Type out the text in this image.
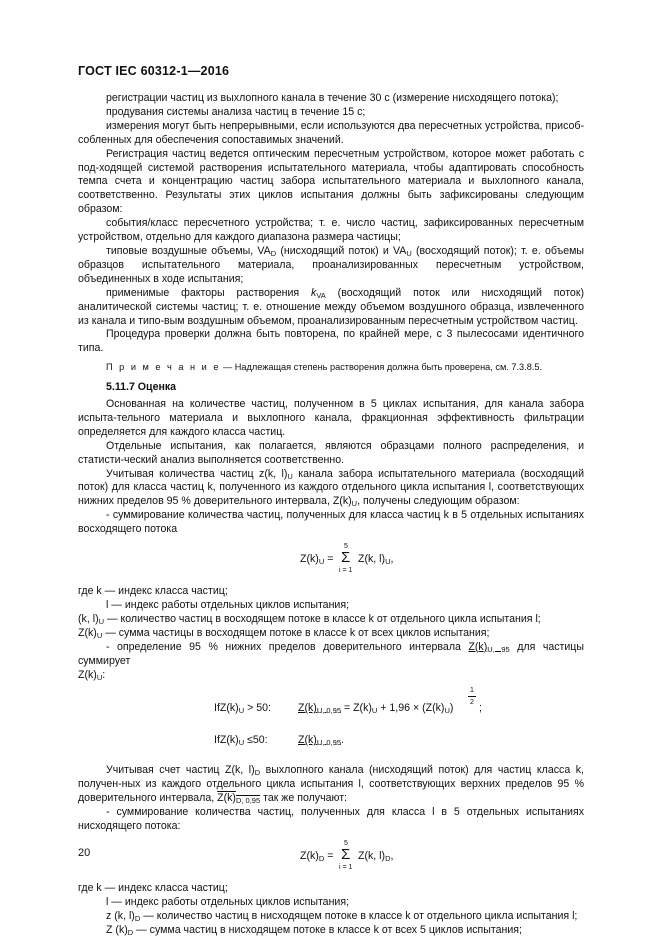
ГОСТ IEC 60312-1—2016

регистрации частиц из выхлопного канала в течение 30 с (измерение нисходящего потока);

продувания системы анализа частиц в течение 15 с;

измерения могут быть непрерывными, если используются два пересчетных устройства, присоб-собленных для обеспечения сопоставимых значений.

Регистрация частиц ведется оптическим пересчетным устройством, которое может работать с под-ходящей системой растворения испытательного материала, чтобы адаптировать способность темпа счета и концентрацию частиц забора испытательного материала и выхлопного канала, соответственно. Результаты этих циклов испытания должны быть зафиксированы следующим образом:

события/класс пересчетного устройства; т. е. число частиц, зафиксированных пересчетным устройством, отдельно для каждого диапазона размера частицы;

типовые воздушные объемы, $VA_D$ (нисходящий поток) и $VA_U$ (восходящий поток); т. е. объемы образцов испытательного материала, проанализированных пересчетным устройством, объединенных в ходе испытания;

применимые факторы растворения $k_{VA}$ (восходящий поток или нисходящий поток) аналитической системы частиц; т. е. отношение между объемом воздушного образца, извлеченного из канала и типо-вым воздушным объемом, проанализированным пересчетным устройством частиц.

Процедура проверки должна быть повторена, по крайней мере, с 3 пылесосами идентичного типа.

П р и м е ч а н и е — Надлежащая степень растворения должна быть проверена, см. 7.3.8.5.

5.11.7 Оценка

Основанная на количестве частиц, полученном в 5 циклах испытания, для канала забора испыта-тельного материала и выхлопного канала, фракционная эффективность фильтрации определяется для каждого класса частиц.

Отдельные испытания, как полагается, являются образцами полного распределения, и статисти-ческий анализ выполняется соответственно.

Учитывая количества частиц z(k, $l)_U$ канала забора испытательного материала (восходящий поток) для класса частиц k, полученного из каждого отдельного цикла испытания l, соответствующих нижних пределов 95 % доверительного интервала, $Z(k)_U$, получены следующим образом:

- суммирование количества частиц, полученных для класса частиц k в 5 отдельных испытаниях восходящего потока

$Z(k)_U$ =
5
Σ
i = 1
Z(k, $l)_U$,

где k — индекс класса частиц;

l — индекс работы отдельных циклов испытания;

(k, $l)_U$ — количество частиц в восходящем потоке в классе k от отдельного цикла испытания l;

$Z(k)_U$ — сумма частицы в восходящем потоке в классе k от всех циклов испытания;

- определение 95 % нижних пределов доверительного интервала $Z(k)_{U, 95}$ для частицы суммирует

$Z(k)_U$:

$IfZ(k)_U > 50$:	$Z(k)_{U, 0,95} = Z(k)_U + 1,96 \times (Z(k)_U)$
1
2 ;
$IfZ(k)_U \le 50$:	$Z(k)_{U, 0,95}$.

Учитывая счет частиц Z(k, $l)_D$ выхлопного канала (нисходящий поток) для частиц класса k, получен-ных из каждого отдельного цикла испытания l, соответствующих верхних пределов 95 % доверительного интервала, $Z(k)_{D, 0,95}$ так же получают:

- суммирование количества частиц, полученных для класса l в 5 отдельных испытаниях нисходящего потока:

$Z(k)_D$ =
5
Σ
i = 1
Z(k, $l)_D$,

где k — индекс класса частиц;

l — индекс работы отдельных циклов испытания;

z (k, $l)_D$ — количество частиц в нисходящем потоке в классе k от отдельного цикла испытания l;

Z $(k)_D$ — сумма частиц в нисходящем потоке в классе k от всех 5 циклов испытания;

20
